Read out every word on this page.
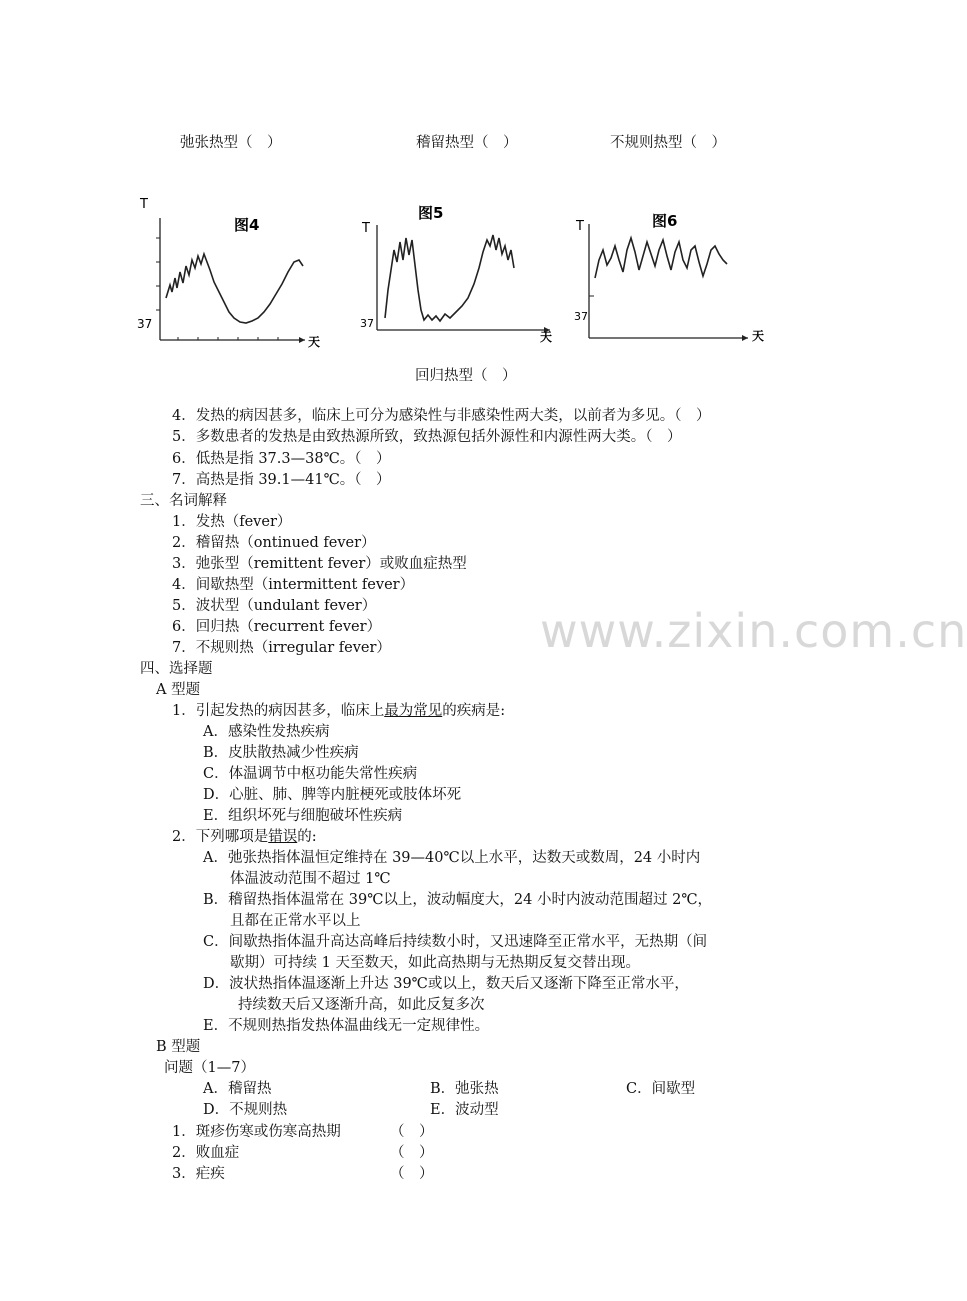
弛张热型（　）	稽留热型（　）	不规则热型（　）
T
图4
37
天
图5
T
37
天
T	图6
37
天
回归热型（　）
4．发热的病因甚多，临床上可分为感染性与非感染性两大类，以前者为多见。（　）
5．多数患者的发热是由致热源所致，致热源包括外源性和内源性两大类。（　）
6．低热是指 37.3—38℃。（　）
7．高热是指 39.1—41℃。（　）
三、名词解释
1．发热（fever）
2．稽留热（ontinued fever）
3．弛张型（remittent fever）或败血症热型
4．间歇热型（intermittent fever）
5．波状型（undulant fever）
6．回归热（recurrent fever）
7．不规则热（irregular fever）	www.zixin.com.cn
四、选择题
A 型题
1．引起发热的病因甚多，临床上最为常见的疾病是:
A．感染性发热疾病
B．皮肤散热减少性疾病
C．体温调节中枢功能失常性疾病
D．心脏、肺、脾等内脏梗死或肢体坏死
E．组织坏死与细胞破坏性疾病
2．下列哪项是错误的:
A．弛张热指体温恒定维持在 39—40℃以上水平，达数天或数周，24 小时内
体温波动范围不超过 1℃
B．稽留热指体温常在 39℃以上，波动幅度大，24 小时内波动范围超过 2℃，
且都在正常水平以上
C．间歇热指体温升高达高峰后持续数小时，又迅速降至正常水平，无热期（间
歇期）可持续 1 天至数天，如此高热期与无热期反复交替出现。
D．波状热指体温逐渐上升达 39℃或以上，数天后又逐渐下降至正常水平，
持续数天后又逐渐升高，如此反复多次
E．不规则热指发热体温曲线无一定规律性。
B 型题
问题（1—7）
A．稽留热	B．弛张热	C．间歇型
D．不规则热	E．波动型
1．斑疹伤寒或伤寒高热期	（　）
2．败血症	（　）
3．疟疾	（　）
